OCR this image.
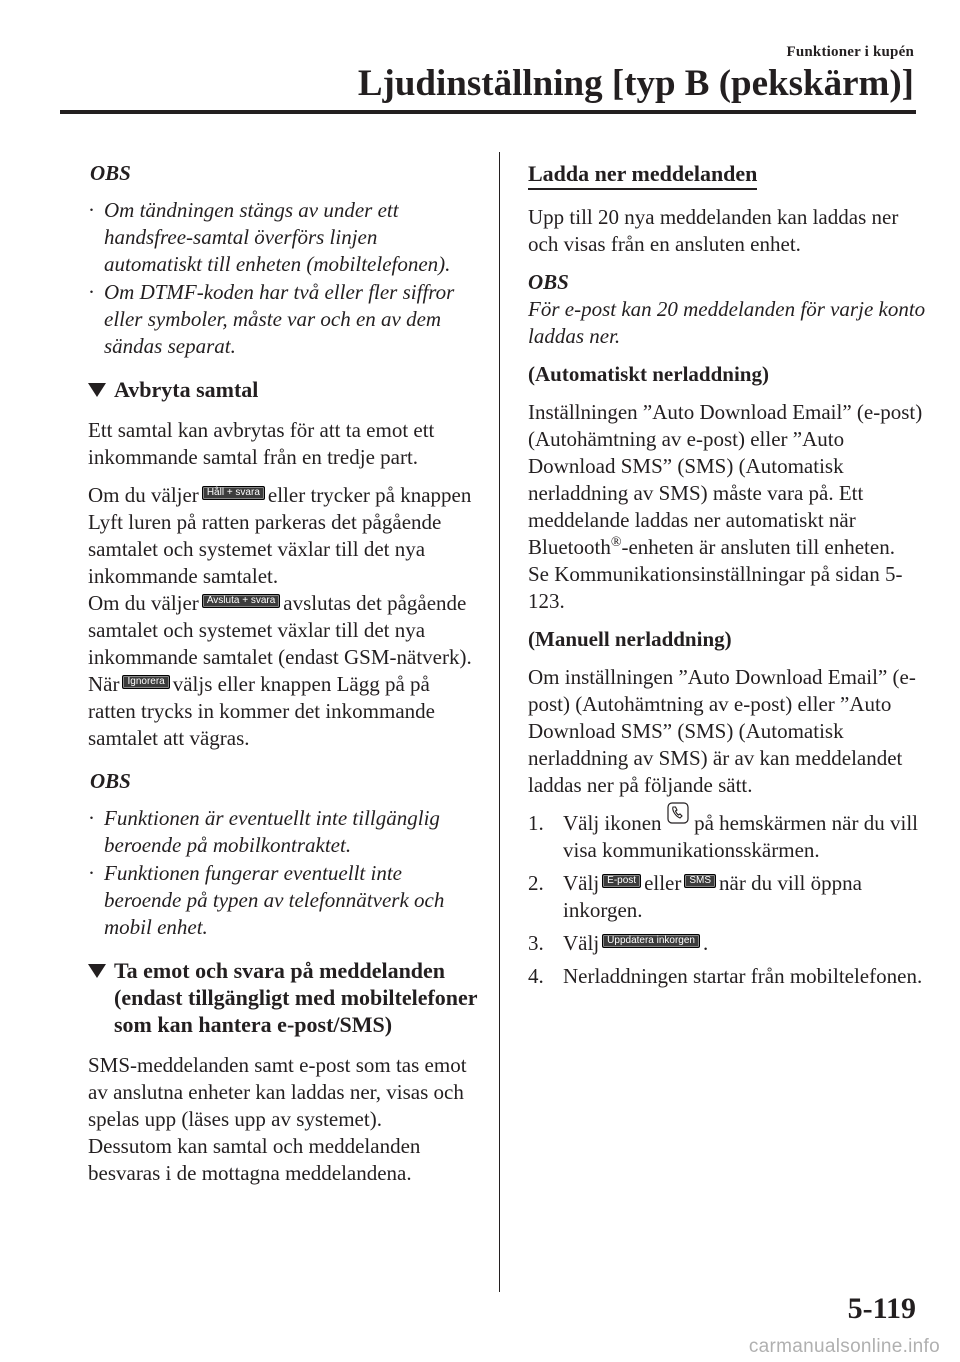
Funktioner i kupén
Ljudinställning [typ B (pekskärm)]

OBS

· Om tändningen stängs av under ett handsfree-samtal överförs linjen automatiskt till enheten (mobiltelefonen).
· Om DTMF-koden har två eller fler siffror eller symboler, måste var och en av dem sändas separat.
Avbryta samtal

Ett samtal kan avbrytas för att ta emot ett inkommande samtal från en tredje part.

Om du väljer Håll + svara eller trycker på knappen Lyft luren på ratten parkeras det pågående samtalet och systemet växlar till det nya inkommande samtalet.

Om du väljer Avsluta + svara avslutas det pågående samtalet och systemet växlar till det nya inkommande samtalet (endast GSM-nätverk).

När Ignorera väljs eller knappen Lägg på på ratten trycks in kommer det inkommande samtalet att vägras.

OBS

· Funktionen är eventuellt inte tillgänglig beroende på mobilkontraktet.
· Funktionen fungerar eventuellt inte beroende på typen av telefonnätverk och mobil enhet.
Ta emot och svara på meddelanden (endast tillgängligt med mobiltelefoner som kan hantera e-post/SMS)

SMS-meddelanden samt e-post som tas emot av anslutna enheter kan laddas ner, visas och spelas upp (läses upp av systemet).

Dessutom kan samtal och meddelanden besvaras i de mottagna meddelandena.

Ladda ner meddelanden

Upp till 20 nya meddelanden kan laddas ner och visas från en ansluten enhet.

OBS

För e-post kan 20 meddelanden för varje konto laddas ner.

(Automatiskt nerladdning)

Inställningen ”Auto Download Email” (e-post) (Autohämtning av e-post) eller ”Auto Download SMS” (SMS) (Automatisk nerladdning av SMS) måste vara på. Ett meddelande laddas ner automatiskt när Bluetooth®-enheten är ansluten till enheten.

Se Kommunikationsinställningar på sidan 5-123.

(Manuell nerladdning)

Om inställningen ”Auto Download Email” (e-post) (Autohämtning av e-post) eller ”Auto Download SMS” (SMS) (Automatisk nerladdning av SMS) är av kan meddelandet laddas ner på följande sätt.

1. Välj ikonen på hemskärmen när du vill visa kommunikationsskärmen.
2. Välj E-post eller SMS när du vill öppna inkorgen.
3. Välj Uppdatera inkorgen .
4. Nerladdningen startar från mobiltelefonen.
5-119
carmanualsonline.info
